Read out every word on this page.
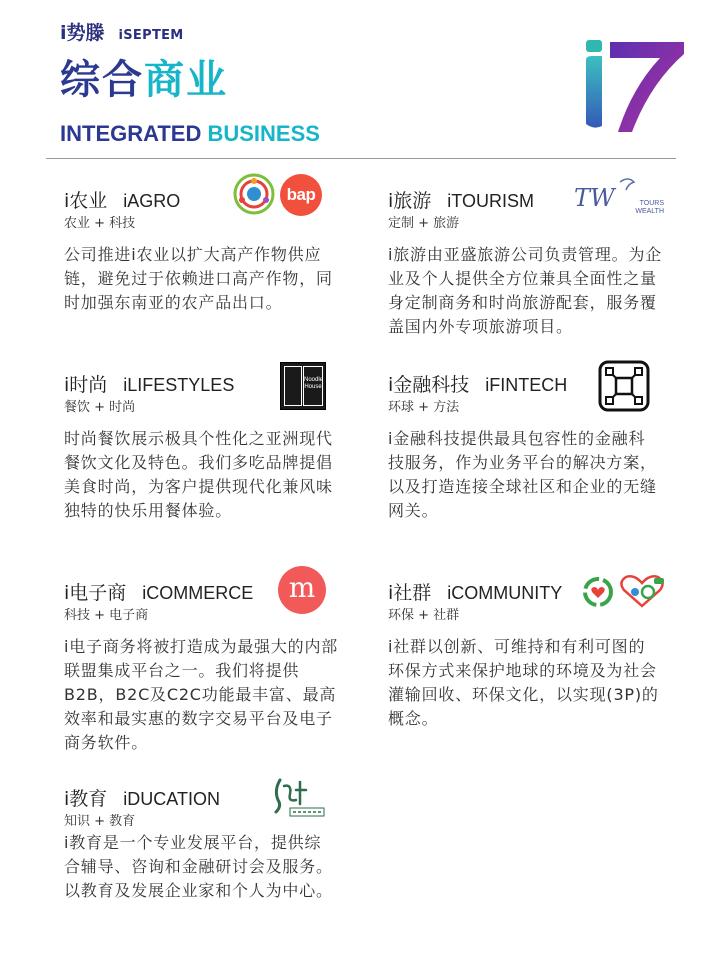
i势滕 iSEPTEM
综合商业
INTEGRATED BUSINESS
i农业 iAGRO
农业 + 科技
公司推进i农业以扩大高产作物供应链，避免过于依赖进口高产作物，同时加强东南亚的农产品出口。
bap	i旅游 iTOURISM
定制 + 旅游
i旅游由亚盛旅游公司负责管理。为企业及个人提供全方位兼具全面性之量身定制商务和时尚旅游配套，服务覆盖国内外专项旅游项目。
TW	TOURS WEALTH
i时尚 iLIFESTYLES
餐饮 + 时尚
时尚餐饮展示极具个性化之亚洲现代餐饮文化及特色。我们多吃品牌提倡美食时尚，为客户提供现代化兼风味独特的快乐用餐体验。
Noodle House	i金融科技 iFINTECH
环球 + 方法
i金融科技提供最具包容性的金融科技服务，作为业务平台的解决方案，以及打造连接全球社区和企业的无缝网关。
i电子商 iCOMMERCE
科技 + 电子商
i电子商务将被打造成为最强大的内部联盟集成平台之一。我们将提供B2B，B2C及C2C功能最丰富、最高效率和最实惠的数字交易平台及电子商务软件。
m	i社群 iCOMMUNITY
环保 + 社群
i社群以创新、可维持和有利可图的环保方式来保护地球的环境及为社会灌输回收、环保文化，以实现(3P)的概念。
i教育 iDUCATION
知识 + 教育
i教育是一个专业发展平台，提供综合辅导、咨询和金融研讨会及服务。以教育及发展企业家和个人为中心。
